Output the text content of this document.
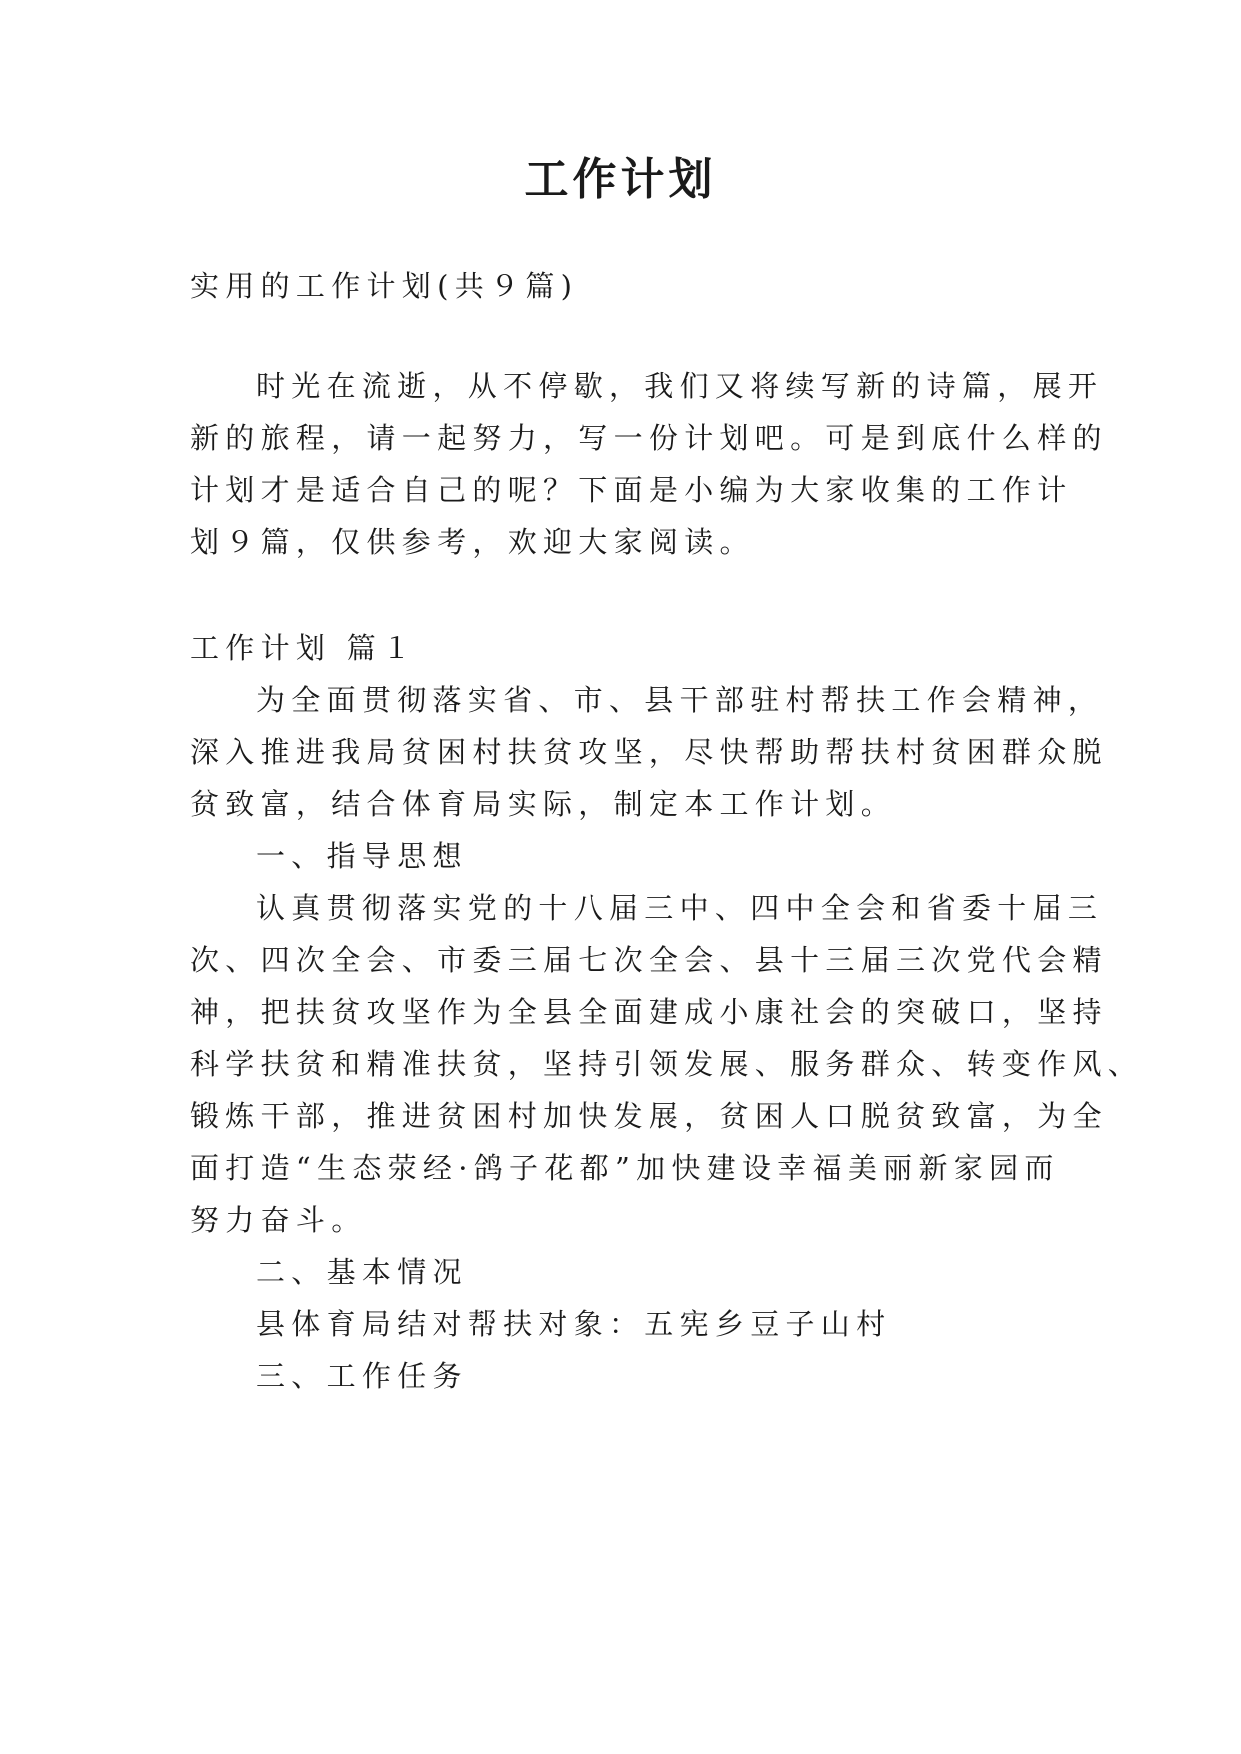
工作计划
实用的工作计划(共９篇)
时光在流逝，从不停歇，我们又将续写新的诗篇，展开
新的旅程，请一起努力，写一份计划吧。可是到底什么样的
计划才是适合自己的呢？下面是小编为大家收集的工作计
划９篇，仅供参考，欢迎大家阅读。
工作计划 篇１
为全面贯彻落实省、市、县干部驻村帮扶工作会精神，
深入推进我局贫困村扶贫攻坚，尽快帮助帮扶村贫困群众脱
贫致富，结合体育局实际，制定本工作计划。
一、指导思想
认真贯彻落实党的十八届三中、四中全会和省委十届三
次、四次全会、市委三届七次全会、县十三届三次党代会精
神，把扶贫攻坚作为全县全面建成小康社会的突破口，坚持
科学扶贫和精准扶贫，坚持引领发展、服务群众、转变作风、
锻炼干部，推进贫困村加快发展，贫困人口脱贫致富，为全
面打造“生态荥经·鸽子花都”加快建设幸福美丽新家园而
努力奋斗。
二、基本情况
县体育局结对帮扶对象：五宪乡豆子山村
三、工作任务
